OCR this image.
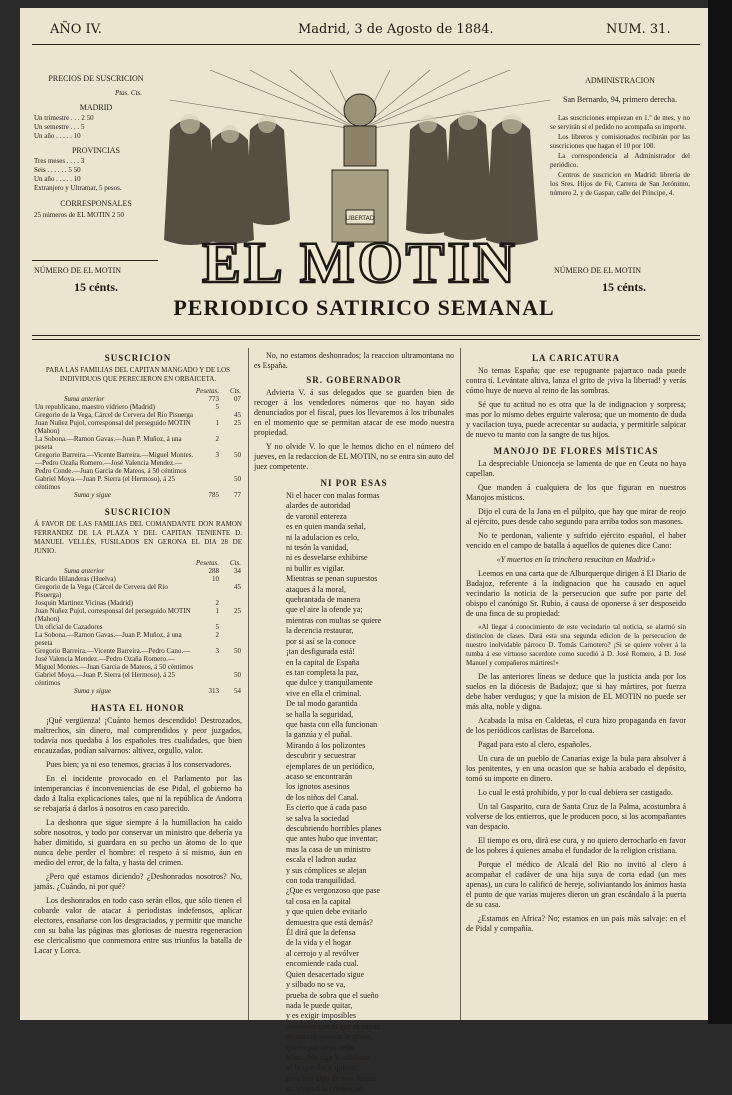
AÑO IV.	Madrid, 3 de Agosto de 1884.	NUM. 31.
PRECIOS DE SUSCRICION
Ptas. Cts.
MADRID
Un trimestre . . . 2 50
Un semestre . . . 5
Un año . . . . . 10
PROVINCIAS
Tres meses . . . . 3
Seis . . . . . . 5 50
Un año . . . . . 10
Extranjero y Ultramar, 5 pesos.
CORRESPONSALES
25 números de EL MOTIN 2 50
NÚMERO DE EL MOTIN
15 cénts.
ADMINISTRACION
San Bernardo, 94, primero derecha.
Las suscriciones empiezan en 1.º de mes, y no se servirán si el pedido no acompaña su importe.
Los libreros y comisionados recibirán por las suscriciones que hagan el 10 por 100.
La correspondencia al Administrador del periódico.
Centros de suscricion en Madrid: librería de los Sres. Hijos de Fé, Carrera de San Jerónimo, número 2, y de Gaspar, calle del Príncipe, 4.
NÚMERO DE EL MOTIN
15 cénts.
LIBERTAD
EL MOTIN
PERIODICO SATIRICO SEMANAL
SUSCRICION
PARA LAS FAMILIAS DEL CAPITAN MANGADO Y DE LOS INDIVIDUOS QUE PERECIERON EN ORBAICETA.
	Pesetas.	Cts.
Suma anterior	773	07
Un republicano, maestro vidriero (Madrid)	5	
Gregorio de la Vega, Cárcel de Cervera del Rio Pisuerga		45
Juan Nuñez Pujol, corresponsal del perseguido MOTIN (Mahon)	1	25
La Sobona.—Ramon Gavas.—Juan P. Muñoz, á una peseta	2	
Gregorio Barreira.—Vicente Barreira.—Miguel Montes.—Pedro Ozaña Romero.—José Valencia Mendez.—Pedro Conde.—Juan Garcia de Mateos, á 50 céntimos	3	50
Gabriel Moya.—Juan P. Sierra (el Hermoso), á 25 céntimos		50
Suma y sigue	785	77
SUSCRICION
Á FAVOR DE LAS FAMILIAS DEL COMANDANTE DON RAMON FERRANDIZ DE LA PLAZA Y DEL CAPITAN TENIENTE D. MANUEL VELLÉS, FUSILADOS EN GERONA EL DIA 28 DE JUNIO.
	Pesetas.	Cts.
Suma anterior	288	34
Ricardo Hilanderas (Huelva)	10	
Gregorio de la Vega (Cárcel de Cervera del Rio Pisuerga)		45
Josquin Martinez Vicinas (Madrid)	2	
Juan Nuñez Pujol, corresponsal del perseguido MOTIN (Mahon)	1	25
Un oficial de Cazadores	5	
La Sobona.—Ramon Gavas.—Juan P. Muñoz, á una peseta	2	
Gregorio Barreira.—Vicente Barreira.—Pedro Cano.—José Valencia Mendez.—Pedro Ozaña Romero.—Miguel Montes.—Juan Garcia de Mateos, á 50 céntimos	3	50
Gabriel Moya.—Juan P. Sierra (el Hermoso), á 25 céntimos		50
Suma y sigue	313	54
HASTA EL HONOR

¡Qué vergüenza! ¡Cuánto hemos descendido! Destrozados, maltrechos, sin dinero, mal comprendidos y peor juzgados, todavía nos quedaba á los españoles tres cualidades, que bien encauzadas, podían salvarnos: altivez, orgullo, valor.

Pues bien; ya ni eso tenemos, gracias á los conservadores.

En el incidente provocado en el Parlamento por las intemperancias é inconveniencias de ese Pidal, el gobierno ha dado á Italia explicaciones tales, que ni la república de Andorra se rebajaría á darlos á nosotros en caso parecido.

La deshonra que sigue siempre á la humillacion ha caido sobre nosotros, y todo por conservar un ministro que debería ya haber dimitido, si guardara en su pecho un átomo de lo que nunca debe perder el hombre: el respeto á sí mismo, áun en medio del error, de la falta, y hasta del crimen.

¿Pero qué estamos diciendo? ¿Deshonrados nosotros? No, jamás. ¿Cuándo, ni por qué?

Los deshonrados en todo caso serán ellos, que sólo tienen el cobarde valor de atacar á periodistas indefensos, aplicar electores, ensañarse con los desgraciados, y permitir que manche con su baba las páginas mas gloriosas de nuestra regeneracion ese clericalismo que conmemora entre sus triunfos la batalla de Lacar y Lorca.

No, no estamos deshonrados; la reaccion ultramontana no es España.

SR. GOBERNADOR

Advierta V. á sus delegados que se guarden bien de recoger á los vendedores números que no hayan sido denunciados por el fiscal, pues los llevaremos á los tribunales en el momento que se permitan atacar de ese modo nuestra propiedad.

Y no olvide V. lo que le hemos dicho en el número del jueves, en la redaccion de EL MOTIN, no se entra sin auto del juez competente.

NI POR ESAS
Ni el hacer con malas formas
alardes de autoridad
de varonil entereza
es en quien manda señal,
ni la adulacion es celo,
ni tesón la vanidad,
ni es desvelarse exhibirse
ni bullir es vigilar.
Mientras se penan supuestos
ataques á la moral,
quebrantada de manera
que el aire la ofende ya;
mientras con multas se quiere
la decencia restaurar,
por si así se la conoce
¡tan desfigurada está!
en la capital de España
es tan completa la paz,
que dulce y tranquilamente
vive en ella el criminal.
De tal modo garantida
se halla la seguridad,
que hasta con ella funcionan
la ganzúa y el puñal.
Mirando á los polizontes
descubrir y secuestrar
ejemplares de un periódico,
acaso se encontrarán
los ignotos asesinos
de los niños del Canal.
Es cierto que á cada paso
se salva la sociedad
descubriendo horribles planes
que antes hubo que inventar;
mas la casa de un ministro
escala el ladron audaz
y sus cómplices se alejan
con toda tranquilidad.
¿Que es vergonzoso que pase
tal cosa en la capital
y que quien debe evitarlo
demuestra que está demás?
Él dirá que la defensa
de la vida y el hogar
al cerrojo y al revólver
encomiende cada cual.
Quien desacertado sigue
y silbado no se va,
prueba de sobra que el sueño
nada le puede quitar,
y es exigir imposibles
pretender que el que es capaz
de dormir cuando le gritan,
quiera por otros velar.
Más... No siga V. adelante,
sé lo que decir quiera;
pero hay algo de más fuerza:
su apego á la credencial.
LA CARICATURA

No temas España; que ese repugnante pajarraco nada puede contra tí. Levántate altiva, lanza el grito de ¡viva la libertad! y verás cómo huye de nuevo al reino de las sombras.

Sé que tu actitud no es otra que la de indignacion y sorpresa; mas por lo mismo debes erguirte valerosa; que un momento de duda y vacilacion tuya, puede acrecentar su audacia, y permitirle salpicar de nuevo tu manto con la sangre de tus hijos.

MANOJO DE FLORES MÍSTICAS

La despreciable Unionceja se lamenta de que en Ceuta no haya capellan.

Que manden á cualquiera de los que figuran en nuestros Manojos místicos.

Dijo el cura de la Jana en el púlpito, que hay que mirar de reojo al ejército, pues desde cabo segundo para arriba todos son masones.

No te perdonan, valiente y sufrido ejército español, el haber vencido en el campo de batalla á aquellos de quienes dice Cano:

«Y muertos en la trinchera resucitan en Madrid.»

Leemos en una carta que de Alburquerque dirigen á El Diario de Badajoz, referente á la indignacion que ha causado en aquel vecindario la noticia de la persecucion que sufre por parte del obispo el canónigo Sr. Rubio, á causa de oponerse á ser desposeido de una finca de su propiedad:

«Al llegar á conocimiento de este vecindario tal noticia, se alarmó sin distincion de clases. Dará esta una segunda edicion de la persecucion de nuestro inolvidable párroco D. Tomás Carnotero? ¡Si se quiere volver á la tumba á ese virtuoso sacerdote como sucedió á D. José Romero, á D. José Manuel y compañeros mártires!»

De las anteriores líneas se deduce que la justicia anda por los suelos en la diócesis de Badajoz; que si hay mártires, por fuerza debe haber verdugos; y que la mision de EL MOTIN no puede ser más alta, noble y digna.

Acabada la misa en Caldetas, el cura hizo propaganda en favor de los periódicos carlistas de Barcelona.

Pagad para esto al clero, españoles.

Un cura de un pueblo de Canarias exige la bula para absolver á los penitentes, y en una ocasion que se había acabado el depósito, tomó su importe en dinero.

Lo cual le está prohibido, y por lo cual debiera ser castigado.

Un tal Gasparito, cura de Santa Cruz de la Palma, acostumbra á volverse de los entierros, que le producen poco, si los acompañantes van despacio.

El tiempo es oro, dirá ese cura, y no quiero derrocharlo en favor de los pobres á quienes amaba el fundador de la religion cristiana.

Porque el médico de Alcalá del Rio no invitó al clero á acompañar el cadáver de una hija suya de corta edad (un mes apenas), un cura lo calificó de hereje, soliviantando los ánimos hasta el punto de que varias mujeres dieron un gran escándalo á la puerta de su casa.

¿Estamos en Africa? No; estamos en un país más salvaje: en el de Pidal y compañía.
